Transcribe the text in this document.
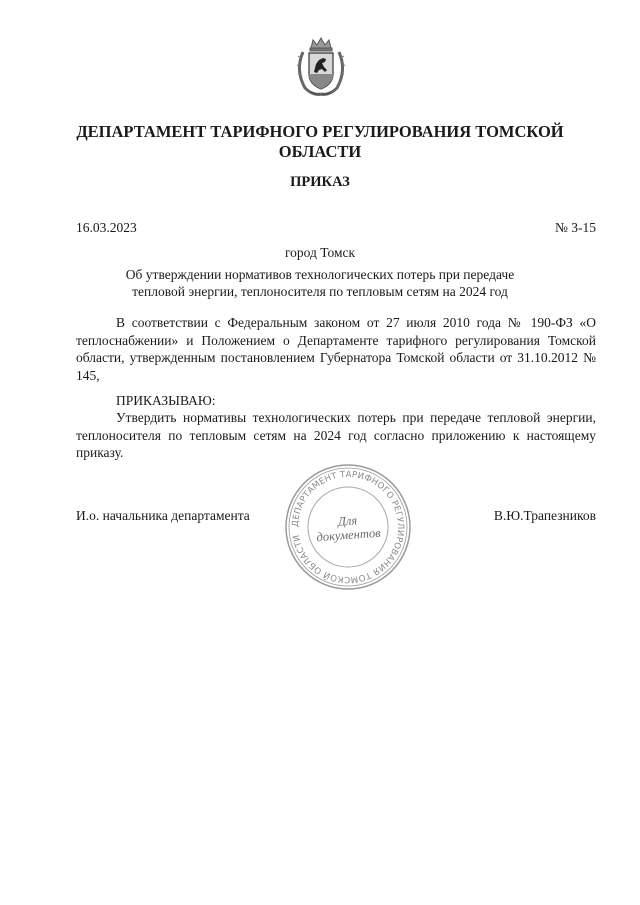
ДЕПАРТАМЕНТ ТАРИФНОГО РЕГУЛИРОВАНИЯ ТОМСКОЙ ОБЛАСТИ
ПРИКАЗ
16.03.2023	№ 3-15
город Томск
Об утверждении нормативов технологических потерь при передаче тепловой энергии, теплоносителя по тепловым сетям на 2024 год
В соответствии с Федеральным законом от 27 июля 2010 года № 190-ФЗ «О теплоснабжении» и Положением о Департаменте тарифного регулирования Томской области, утвержденным постановлением Губернатора Томской области от 31.10.2012 № 145,
ПРИКАЗЫВАЮ:
Утвердить нормативы технологических потерь при передаче тепловой энергии, теплоносителя по тепловым сетям на 2024 год согласно приложению к настоящему приказу.
И.о. начальника департамента	В.Ю.Трапезников
ДЕПАРТАМЕНТ ТАРИФНОГО РЕГУЛИРОВАНИЯ ТОМСКОЙ ОБЛАСТИ
Для
документов
